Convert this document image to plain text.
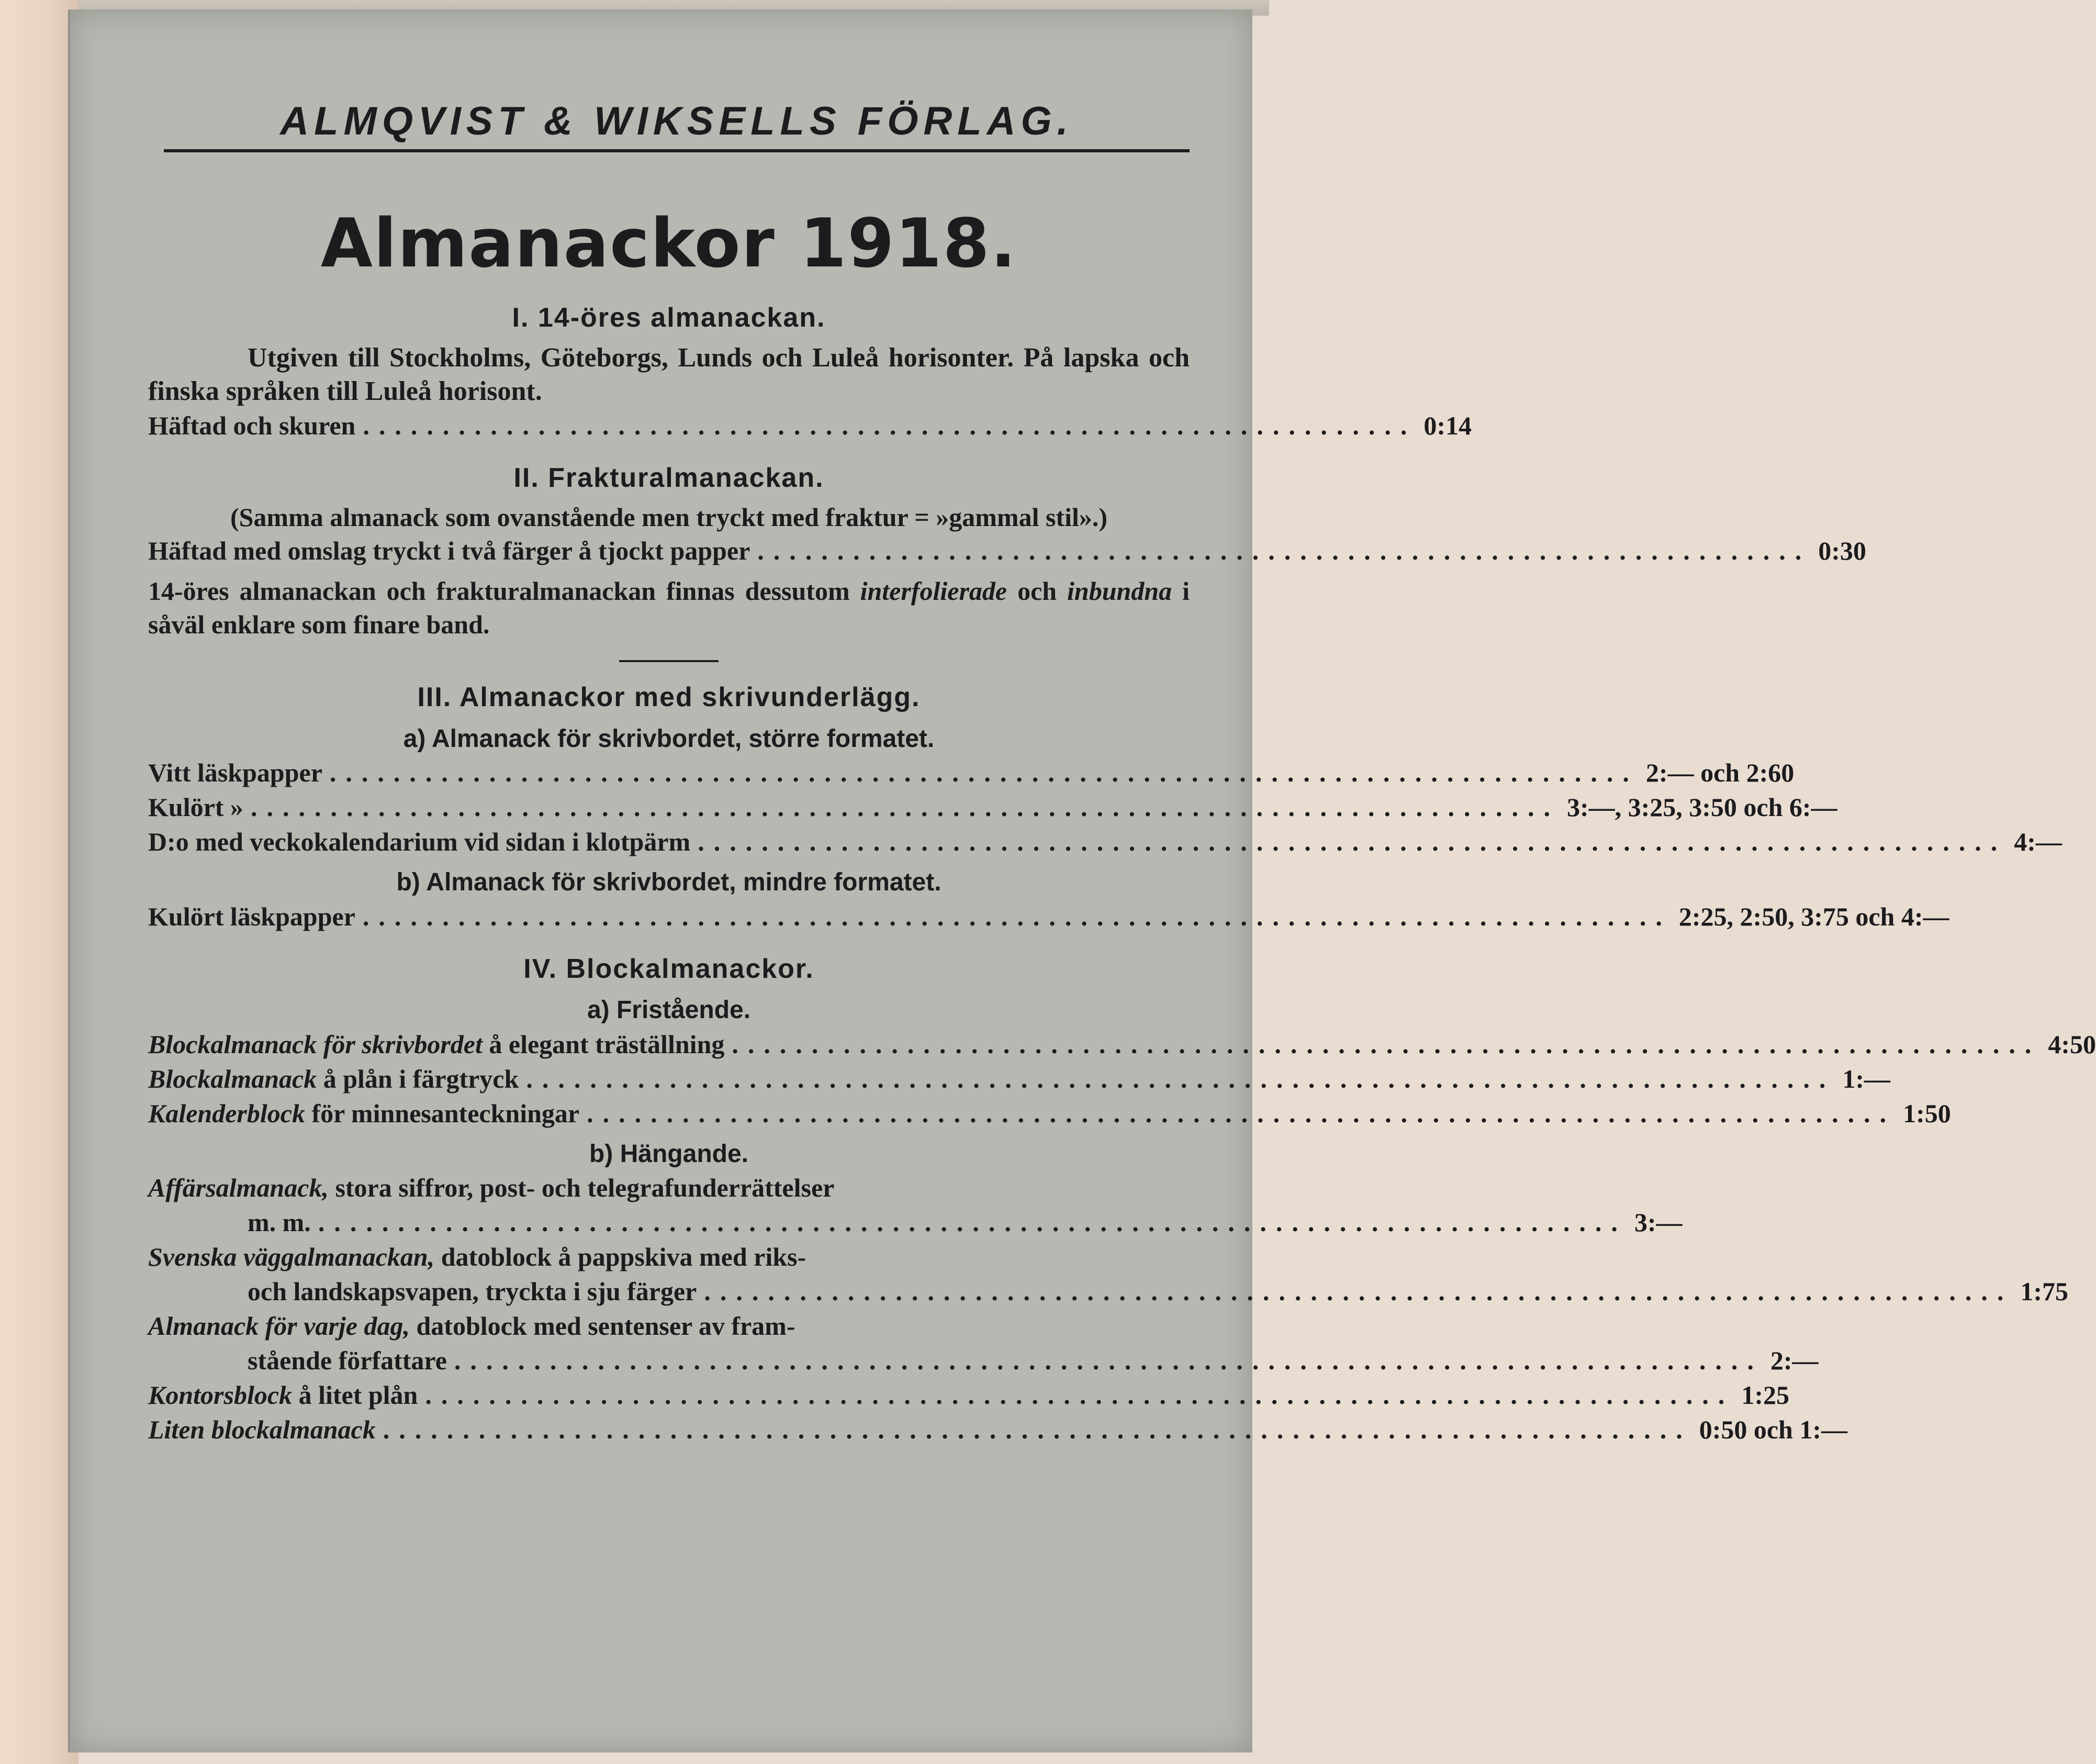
ALMQVIST & WIKSELLS FÖRLAG.
Almanackor 1918.
I. 14-öres almanackan.
Utgiven till Stockholms, Göteborgs, Lunds och Luleå horisonter. På lapska och finska språken till Luleå horisont.
Häftad och skuren .................................................................. 0:14
II. Frakturalmanackan.
(Samma almanack som ovanstående men tryckt med fraktur = »gammal stil».)
Häftad med omslag tryckt i två färger å tjockt papper .................................................................. 0:30
14-öres almanackan och frakturalmanackan finnas dessutom interfolierade och inbundna i såväl enklare som finare band.
III. Almanackor med skrivunderlägg.
a) Almanack för skrivbordet, större formatet.
Vitt läskpapper .................................................................................. 2:— och 2:60
Kulört » .................................................................................. 3:—, 3:25, 3:50 och 6:—
D:o med veckokalendarium vid sidan i klotpärm .................................................................................. 4:—
b) Almanack för skrivbordet, mindre formatet.
Kulört läskpapper .................................................................................. 2:25, 2:50, 3:75 och 4:—
IV. Blockalmanackor.
a) Fristående.
Blockalmanack för skrivbordet å elegant träställning .................................................................................. 4:50
Blockalmanack å plån i färgtryck .................................................................................. 1:—
Kalenderblock för minnesanteckningar .................................................................................. 1:50
b) Hängande.
Affärsalmanack, stora siffror, post- och telegrafunderrättelser
m. m. .................................................................................. 3:—
Svenska väggalmanackan, datoblock å pappskiva med riks-
och landskapsvapen, tryckta i sju färger .................................................................................. 1:75
Almanack för varje dag, datoblock med sentenser av fram-
stående författare .................................................................................. 2:—
Kontorsblock å litet plån .................................................................................. 1:25
Liten blockalmanack .................................................................................. 0:50 och 1:—
